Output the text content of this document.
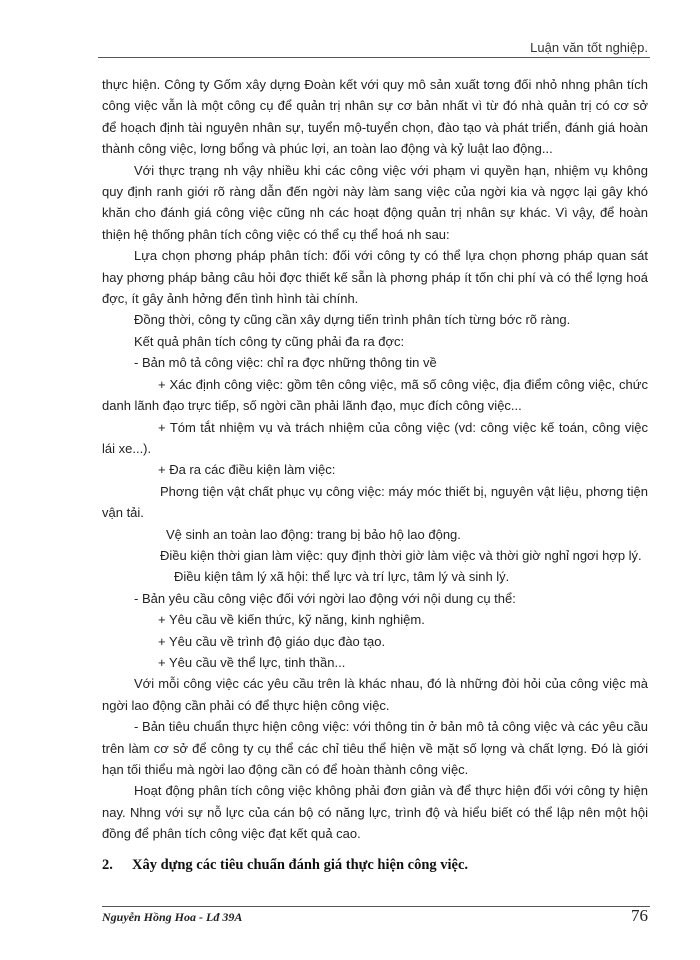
Luận văn tốt nghiệp.

thực hiện. Công ty Gốm xây dựng Đoàn kết với quy mô sản xuất tơng đối nhỏ nhng phân tích công việc vẫn là một công cụ để quản trị nhân sự cơ bản nhất vì từ đó nhà quản trị có cơ sở để hoạch định tài nguyên nhân sự, tuyển mộ-tuyển chọn, đào tạo và phát triển, đánh giá hoàn thành công việc, lơng bổng và phúc lợi, an toàn lao động và kỷ luật lao động...

Với thực trạng nh vậy nhiều khi các công việc với phạm vi quyền hạn, nhiệm vụ không quy định ranh giới rõ ràng dẫn đến ngời này làm sang việc của ngời kia và ngợc lại gây khó khăn cho đánh giá công việc cũng nh các hoạt động quản trị nhân sự khác. Vì vậy, để hoàn thiện hệ thống phân tích công việc có thể cụ thể hoá nh sau:

Lựa chọn phơng pháp phân tích: đối với công ty có thể lựa chọn phơng pháp quan sát hay phơng pháp bảng câu hỏi đợc thiết kế sẵn là phơng pháp ít tốn chi phí và có thể lợng hoá đợc, ít gây ảnh hởng đến tình hình tài chính.

Đồng thời, công ty cũng cần xây dựng tiến trình phân tích từng bớc rõ ràng.

Kết quả phân tích công ty cũng phải đa ra đợc:

- Bản mô tả công việc: chỉ ra đợc những thông tin về

+ Xác định công việc: gồm tên công việc, mã số công việc, địa điểm công việc, chức danh lãnh đạo trực tiếp, số ngời cần phải lãnh đạo, mục đích công việc...

+ Tóm tắt nhiệm vụ và trách nhiệm của công việc (vd: công việc kế toán, công việc lái xe...).

+ Đa ra các điều kiện làm việc:

Phơng tiện vật chất phục vụ công việc: máy móc thiết bị, nguyên vật liệu, phơng tiện vận tải.

Vệ sinh an toàn lao động: trang bị bảo hộ lao động.

Điều kiện thời gian làm việc: quy định thời giờ làm việc và thời giờ nghỉ ngơi hợp lý.

Điều kiện tâm lý xã hội: thể lực và trí lực, tâm lý và sinh lý.

- Bản yêu cầu công việc đối với ngời lao động với nội dung cụ thể:

+ Yêu cầu về kiến thức, kỹ năng, kinh nghiệm.

+ Yêu cầu về trình độ giáo dục đào tạo.

+ Yêu cầu về thể lực, tinh thần...

Với mỗi công việc các yêu cầu trên là khác nhau, đó là những đòi hỏi của công việc mà ngời lao động cần phải có để thực hiện công việc.

- Bản tiêu chuẩn thực hiện công việc: với thông tin ở bản mô tả công việc và các yêu cầu trên làm cơ sở để công ty cụ thể các chỉ tiêu thể hiện về mặt số lợng và chất lợng. Đó là giới hạn tối thiểu mà ngời lao động cần có để hoàn thành công việc.

Hoạt động phân tích công việc không phải đơn giản và để thực hiện đối với công ty hiện nay. Nhng với sự nỗ lực của cán bộ có năng lực, trình độ và hiểu biết có thể lập nên một hội đồng để phân tích công việc đạt kết quả cao.

2. Xây dựng các tiêu chuẩn đánh giá thực hiện công việc.

Nguyễn Hồng Hoa - Lđ 39A	76
